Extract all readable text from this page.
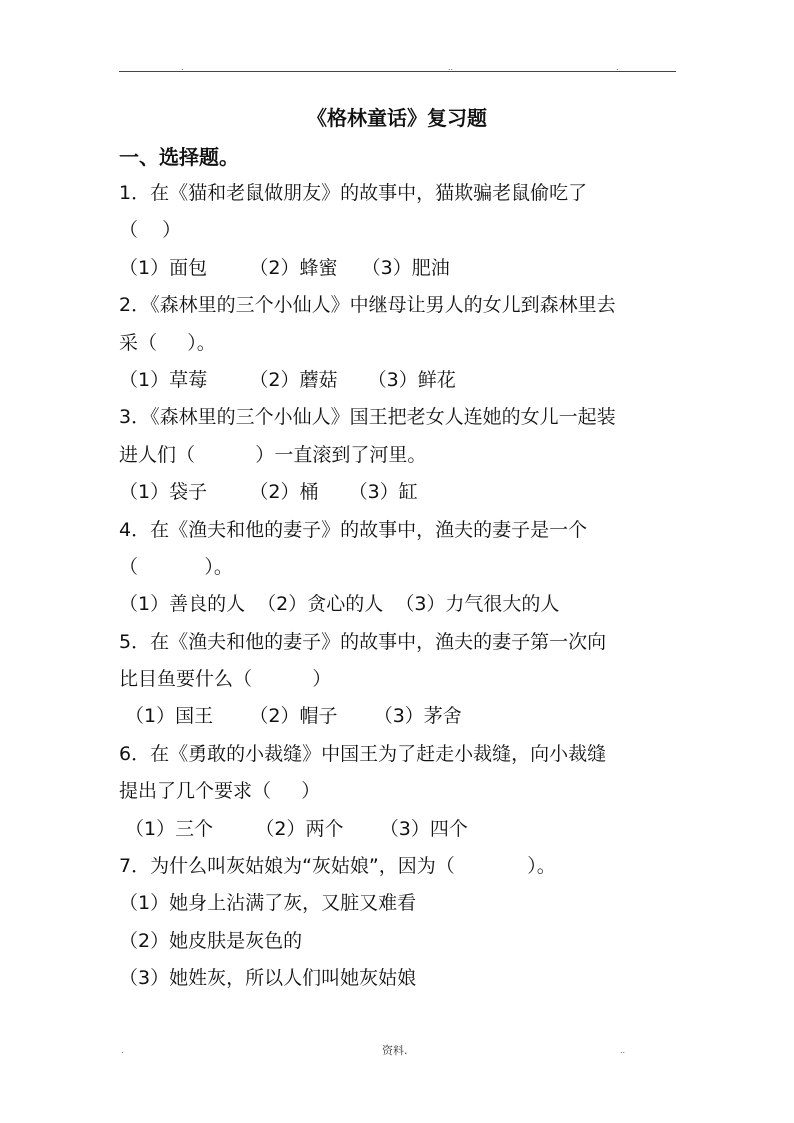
.	..	.
《格林童话》复习题
一、选择题。
1．在《猫和老鼠做朋友》的故事中，猫欺骗老鼠偷吃了
（    ）
（1）面包       （2）蜂蜜    （3）肥油
2．《森林里的三个小仙人》中继母让男人的女儿到森林里去
采（     ）。
（1）草莓       （2）蘑菇     （3）鲜花
3．《森林里的三个小仙人》国王把老女人连她的女儿一起装
进人们（          ）一直滚到了河里。
（1）袋子       （2）桶     （3）缸
4．在《渔夫和他的妻子》的故事中，渔夫的妻子是一个
（           ）。
（1）善良的人  （2）贪心的人  （3）力气很大的人
5．在《渔夫和他的妻子》的故事中，渔夫的妻子第一次向
比目鱼要什么（          ）
（1）国王      （2）帽子      （3）茅舍
6．在《勇敢的小裁缝》中国王为了赶走小裁缝，向小裁缝
提出了几个要求（     ）
（1）三个       （2）两个      （3）四个
7．为什么叫灰姑娘为“灰姑娘”，因为（            ）。
（1）她身上沾满了灰，又脏又难看
（2）她皮肤是灰色的
（3）她姓灰，所以人们叫她灰姑娘
.	资料.	..
